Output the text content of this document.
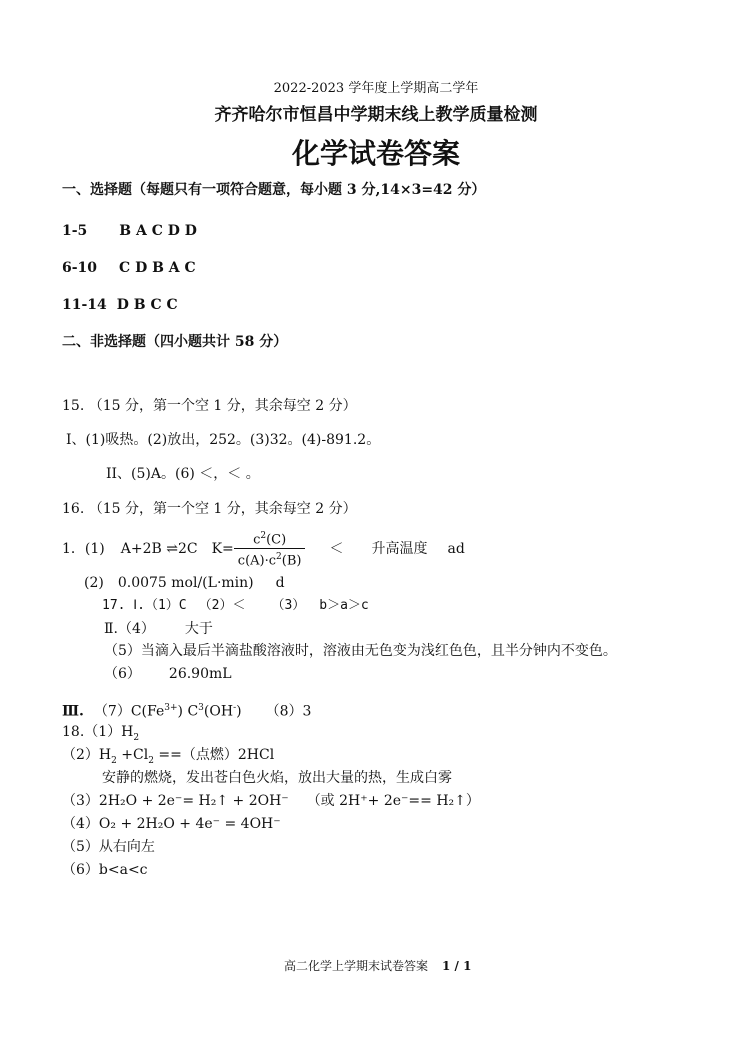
2022-2023 学年度上学期高二学年
齐齐哈尔市恒昌中学期末线上教学质量检测
化学试卷答案
一、选择题（每题只有一项符合题意，每小题 3 分,14×3=42 分）
1-5 B A C D D
6-10 C D B A C
11-14 D B C C
二、非选择题（四小题共计 58 分）
15. （15 分，第一个空 1 分，其余每空 2 分）
I、(1)吸热。(2)放出，252。(3)32。(4)-891.2。
II、(5)A。(6) ＜，＜ 。
16. （15 分，第一个空 1 分，其余每空 2 分）
1．(1) A+2B ⇌2C $K= \frac{c^2(C)}{c(A)\cdot c^2(B)}$ ＜ 升高温度 ad
(2) 0.0075 mol/(L·min) d
17. Ⅰ.（1）C （2）＜ （3） b＞a＞c
Ⅱ.（4） 大于
（5）当滴入最后半滴盐酸溶液时，溶液由无色变为浅红色色，且半分钟内不变色。
（6） 26.90mL
Ⅲ. $(7)C(Fe^{3+})$ $C^3(OH^-)$ （8）3
$18.(1)H_2$
$(2)H_2 +Cl_2$ ==（点燃）2HCl
安静的燃烧，发出苍白色火焰，放出大量的热，生成白雾
（3）2H₂O + 2e⁻= H₂↑ + 2OH⁻ （或 2H⁺+ 2e⁻== H₂↑）
（4）O₂ + 2H₂O + 4e⁻ = 4OH⁻
（5）从右向左
（6）b<a<c
高二化学上学期末试卷答案 1 / 1
